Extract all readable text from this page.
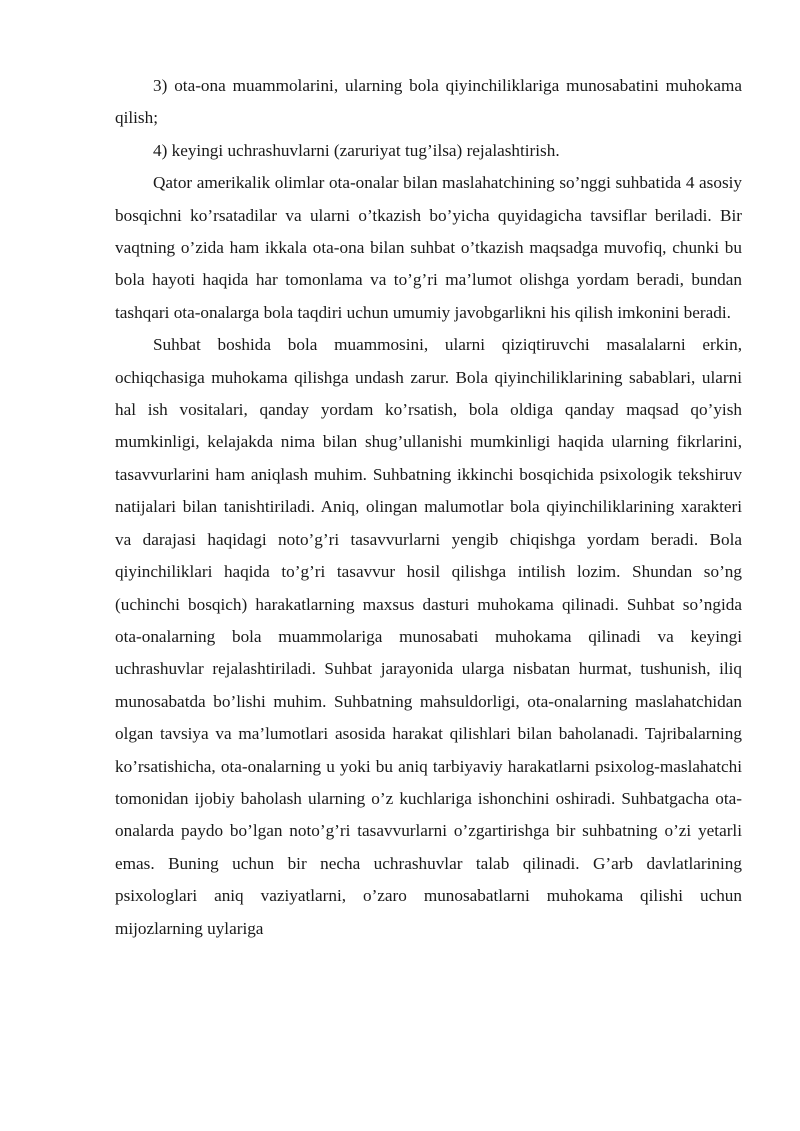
3) ota-ona muammolarini, ularning bola qiyinchiliklariga munosabatini muhokama qilish;

4) keyingi uchrashuvlarni (zaruriyat tug’ilsa) rejalashtirish.

Qator amerikalik olimlar ota-onalar bilan maslahatchining so’nggi suhbatida 4 asosiy bosqichni ko’rsatadilar va ularni o’tkazish bo’yicha quyidagicha tavsiflar beriladi. Bir vaqtning o’zida ham ikkala ota-ona bilan suhbat o’tkazish maqsadga muvofiq, chunki bu bola hayoti haqida har tomonlama va to’g’ri ma’lumot olishga yordam beradi, bundan tashqari ota-onalarga bola taqdiri uchun umumiy javobgarlikni his qilish imkonini beradi.

Suhbat boshida bola muammosini, ularni qiziqtiruvchi masalalarni erkin, ochiqchasiga muhokama qilishga undash zarur. Bola qiyinchiliklarining sabablari, ularni hal ish vositalari, qanday yordam ko’rsatish, bola oldiga qanday maqsad qo’yish mumkinligi, kelajakda nima bilan shug’ullanishi mumkinligi haqida ularning fikrlarini, tasavvurlarini ham aniqlash muhim. Suhbatning ikkinchi bosqichida psixologik tekshiruv natijalari bilan tanishtiriladi. Aniq, olingan malumotlar bola qiyinchiliklarining xarakteri va darajasi haqidagi noto’g’ri tasavvurlarni yengib chiqishga yordam beradi. Bola qiyinchiliklari haqida to’g’ri tasavvur hosil qilishga intilish lozim. Shundan so’ng (uchinchi bosqich) harakatlarning maxsus dasturi muhokama qilinadi. Suhbat so’ngida ota-onalarning bola muammolariga munosabati muhokama qilinadi va keyingi uchrashuvlar rejalashtiriladi. Suhbat jarayonida ularga nisbatan hurmat, tushunish, iliq munosabatda bo’lishi muhim. Suhbatning mahsuldorligi, ota-onalarning maslahatchidan olgan tavsiya va ma’lumotlari asosida harakat qilishlari bilan baholanadi. Tajribalarning ko’rsatishicha, ota-onalarning u yoki bu aniq tarbiyaviy harakatlarni psixolog-maslahatchi tomonidan ijobiy baholash ularning o’z kuchlariga ishonchini oshiradi. Suhbatgacha ota-onalarda paydo bo’lgan noto’g’ri tasavvurlarni o’zgartirishga bir suhbatning o’zi yetarli emas. Buning uchun bir necha uchrashuvlar talab qilinadi. G’arb davlatlarining psixologlari aniq vaziyatlarni, o’zaro munosabatlarni muhokama qilishi uchun mijozlarning uylariga
